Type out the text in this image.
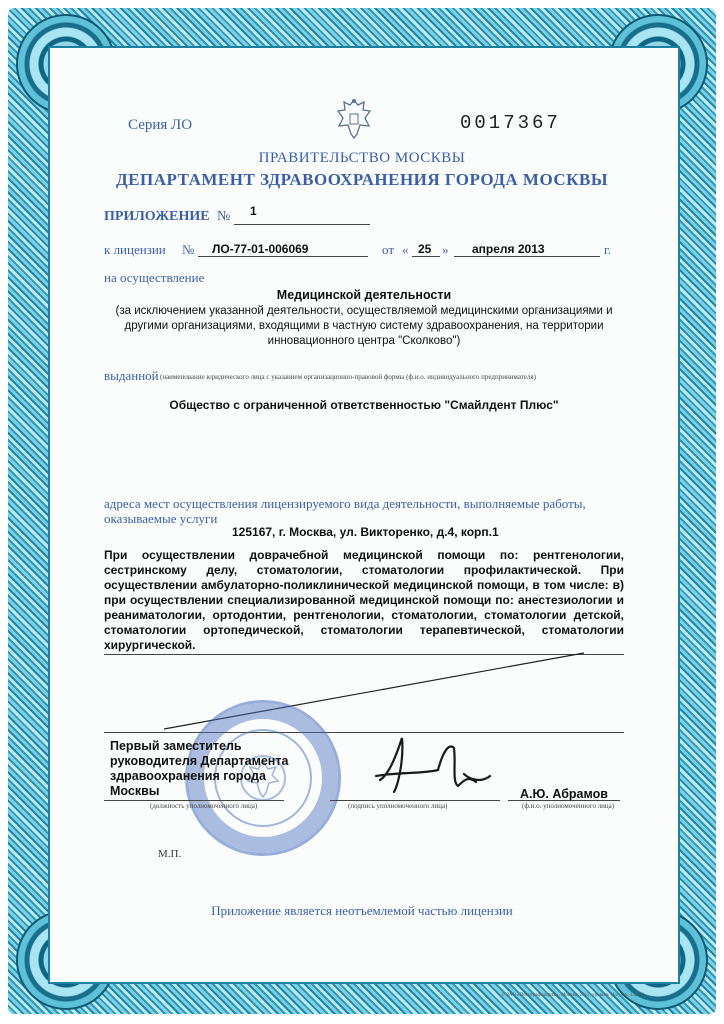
Серия ЛО	0017367
ПРАВИТЕЛЬСТВО МОСКВЫ
ДЕПАРТАМЕНТ ЗДРАВООХРАНЕНИЯ ГОРОДА МОСКВЫ
ПРИЛОЖЕНИЕ № 1
к лицензии № ЛО-77-01-006069	от « 25 » апреля 2013	г.
на осуществление
Медицинской деятельности
(за исключением указанной деятельности, осуществляемой медицинскими организациями и другими организациями, входящими в частную систему здравоохранения, на территории инновационного центра "Сколково")
выданной (наименование юридического лица с указанием организационно-правовой формы (ф.и.о. индивидуального предпринимателя)
Общество с ограниченной ответственностью "Смайлдент Плюс"
адреса мест осуществления лицензируемого вида деятельности, выполняемые работы, оказываемые услуги
125167, г. Москва, ул. Викторенко, д.4, корп.1
При осуществлении доврачебной медицинской помощи по: рентгенологии, сестринскому делу, стоматологии, стоматологии профилактической. При осуществлении амбулаторно-поликлинической медицинской помощи, в том числе: в) при осуществлении специализированной медицинской помощи по: анестезиологии и реаниматологии, ортодонтии, рентгенологии, стоматологии, стоматологии детской, стоматологии ортопедической, стоматологии терапевтической, стоматологии хирургической.
Первый заместитель руководителя Департамента здравоохранения города Москвы
(должность уполномоченного лица)	(подпись уполномоченного лица)
А.Ю. Абрамов
(ф.и.о. уполномоченного лица)
М.П.
Приложение является неотъемлемой частью лицензии
© ЗАО «Полиграфзащита», Москва, 2012, уровень «Б», зак. 132-12
